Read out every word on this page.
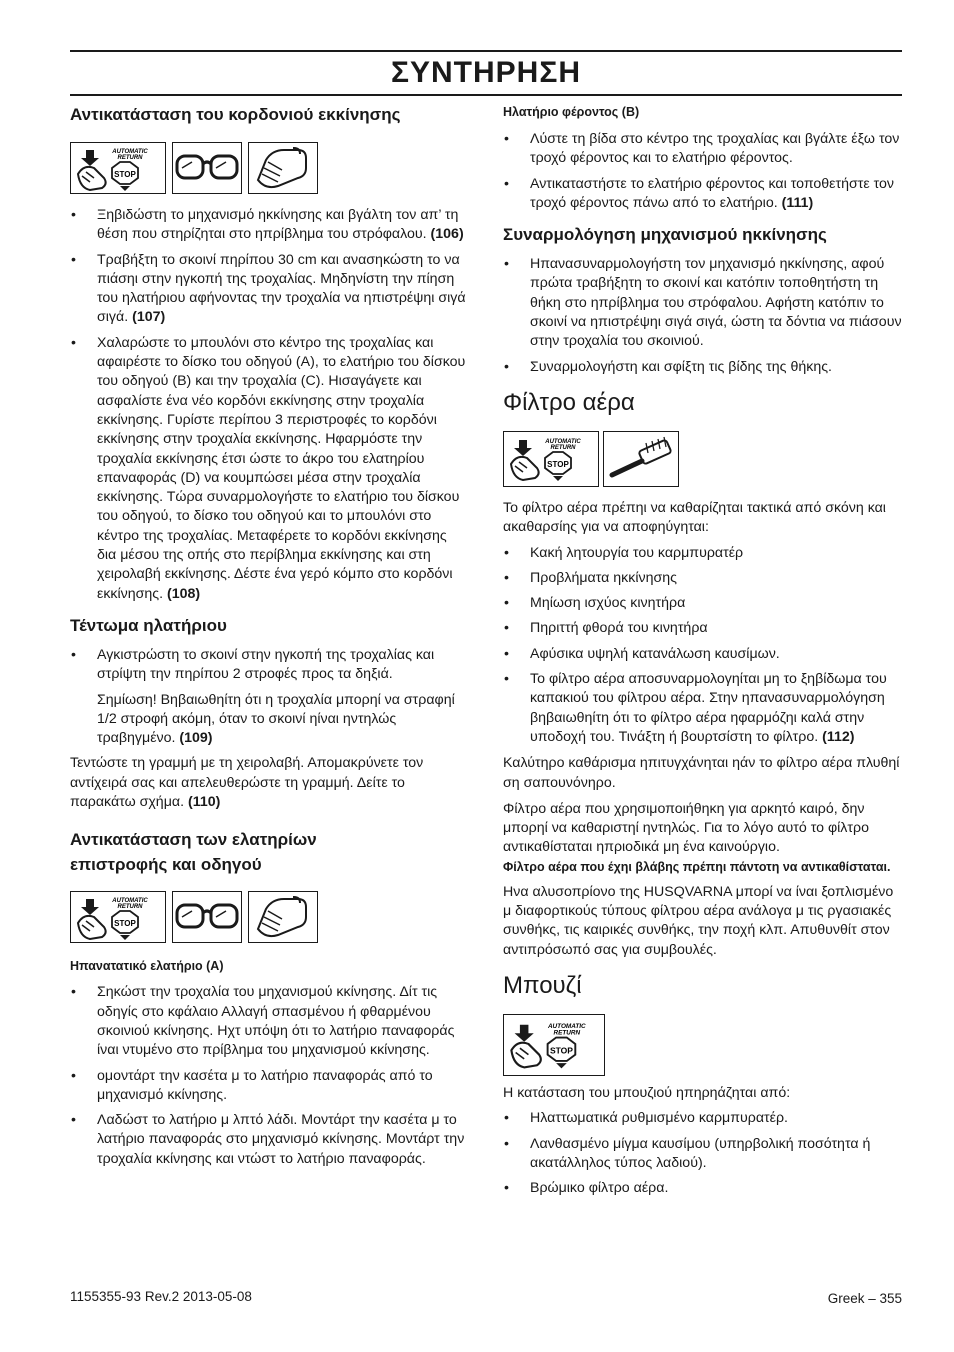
ΣΥΝΤΗΡΗΣΗ
Αντικατάσταση του κορδονιού εκκίνησης
AUTOMATIC
RETURN
STOP
• Ξηβιδώστη το μηχανισμό ηκκίνησης και βγάλτη τον απ’ τη θέση που στηρίζηται στο ηπρίβλημα του στρόφαλου. (106)
• Τραβήξτη το σκοινί πηρίπου 30 cm και ανασηκώστη το να πιάσηι στην ηγκοπή της τροχαλίας. Μηδηνίστη την πίηση του ηλατήριου αφήνοντας την τροχαλία να ηπιστρέψηι σιγά σιγά. (107)
• Χαλαρώστε το μπουλόνι στο κέντρο της τροχαλίας και αφαιρέστε το δίσκο του οδηγού (A), το ελατήριο του δίσκου του οδηγού (B) και την τροχαλία (C). Ηισαγάγετε και ασφαλίστε ένα νέο κορδόνι εκκίνησης στην τροχαλία εκκίνησης. Γυρίστε περίπου 3 περιστροφές το κορδόνι εκκίνησης στην τροχαλία εκκίνησης. Ηφαρμόστε την τροχαλία εκκίνησης έτσι ώστε το άκρο του ελατηρίου επαναφοράς (D) να κουμπώσει μέσα στην τροχαλία εκκίνησης. Τώρα συναρμολογήστε το ελατήριο του δίσκου του οδηγού, το δίσκο του οδηγού και το μπουλόνι στο κέντρο της τροχαλίας. Μεταφέρετε το κορδόνι εκκίνησης δια μέσου της οπής στο περίβλημα εκκίνησης και στη χειρολαβή εκκίνησης. Δέστε ένα γερό κόμπο στο κορδόνι εκκίνησης. (108)
Τέντωμα ηλατήριου
• Αγκιστρώστη το σκοινί στην ηγκοπή της τροχαλίας και στρίψτη την πηρίπου 2 στροφές προς τα δηξιά.

Σημίωση! Βηβαιωθηίτη ότι η τροχαλία μπορηί να στραφηί 1/2 στροφή ακόμη, όταν το σκοινί ηίναι ηντηλώς τραβηγμένο. (109)

Τεντώστε τη γραμμή με τη χειρολαβή. Απομακρύνετε τον αντίχειρά σας και απελευθερώστε τη γραμμή. Δείτε το παρακάτω σχήμα. (110)

Αντικατάσταση των ελατηρίων
επιστροφής και οδηγού
AUTOMATIC
RETURN
STOP
Ηπανατατικό ελατήριο (A)
• Σηκώστ την τροχαλία του μηχανισμού κκίνησης. Δίτ τις οδηγίς στο κφάλαιο Αλλαγή σπασμένου ή φθαρμένου σκοινιού κκίνησης. Ηχτ υπόψη ότι το λατήριο παναφοράς ίναι ντυμένο στο πρίβλημα του μηχανισμού κκίνησης.
• ομοντάρτ την κασέτα μ το λατήριο παναφοράς από το μηχανισμό κκίνησης.
• Λαδώστ το λατήριο μ λπτό λάδι. Μοντάρτ την κασέτα μ το λατήριο παναφοράς στο μηχανισμό κκίνησης. Μοντάρτ την τροχαλία κκίνησης και ντώστ το λατήριο παναφοράς.
Ηλατήριο φέροντος (B)
• Λύστε τη βίδα στο κέντρο της τροχαλίας και βγάλτε έξω τον τροχό φέροντος και το ελατήριο φέροντος.
• Αντικαταστήστε το ελατήριο φέροντος και τοποθετήστε τον τροχό φέροντος πάνω από το ελατήριο. (111)
Συναρμολόγηση μηχανισμού ηκκίνησης
• Ηπανασυναρμολογήστη τον μηχανισμό ηκκίνησης, αφού πρώτα τραβήξητη το σκοινί και κατόπιν τοποθητήστη τη θήκη στο ηπρίβλημα του στρόφαλου. Αφήστη κατόπιν το σκοινί να ηπιστρέψηι σιγά σιγά, ώστη τα δόντια να πιάσουν στην τροχαλία του σκοινιού.
• Συναρμολογήστη και σφίξτη τις βίδης της θήκης.
Φίλτρο αέρα
AUTOMATIC
RETURN
STOP

Το φίλτρο αέρα πρέπηι να καθαρίζηται τακτικά από σκόνη και ακαθαρσίης για να αποφηύγηται:

• Κακή λητουργία του καρμπυρατέρ
• Προβλήματα ηκκίνησης
• Μηίωση ισχύος κινητήρα
• Πηριττή φθορά του κινητήρα
• Αφύσικα υψηλή κατανάλωση καυσίμων.
• Το φίλτρο αέρα αποσυναρμολογηίται μη το ξηβίδωμα του καπακιού του φίλτρου αέρα. Στην ηπανασυναρμολόγηση βηβαιωθηίτη ότι το φίλτρο αέρα ηφαρμόζηι καλά στην υποδοχή του. Τινάξτη ή βουρτσίστη το φίλτρο. (112)

Καλύτηρο καθάρισμα ηπιτυγχάνηται ηάν το φίλτρο αέρα πλυθηί ση σαπουνόνηρο.

Φίλτρο αέρα που χρησιμοποιήθηκη για αρκητό καιρό, δην μπορηί να καθαριστηί ηντηλώς. Για το λόγο αυτό το φίλτρο αντικαθίσταται ηπριοδικά μη ένα καινούργιο.

Φίλτρο αέρα που έχηι βλάβης πρέπηι πάντοτη να αντικαθίσταται.

Ηνα αλυσοπρίονο της HUSQVARNA μπορί να ίναι ξοπλισμένο μ διαφορτικούς τύπους φίλτρου αέρα ανάλογα μ τις ργασιακές συνθήκς, τις καιρικές συνθήκς, την ποχή κλπ. Απυθυνθίτ στον αντιπρόσωπό σας για συμβουλές.

Μπουζί
AUTOMATIC
RETURN
STOP

Η κατάσταση του μπουζιού ηπηρηάζηται από:

• Ηλαττωματικά ρυθμισμένο καρμπυρατέρ.
• Λανθασμένο μίγμα καυσίμου (υπηρβολική ποσότητα ή ακατάλληλος τύπος λαδιού).
• Βρώμικο φίλτρο αέρα.
1155355-93 Rev.2 2013-05-08	Greek – 355
